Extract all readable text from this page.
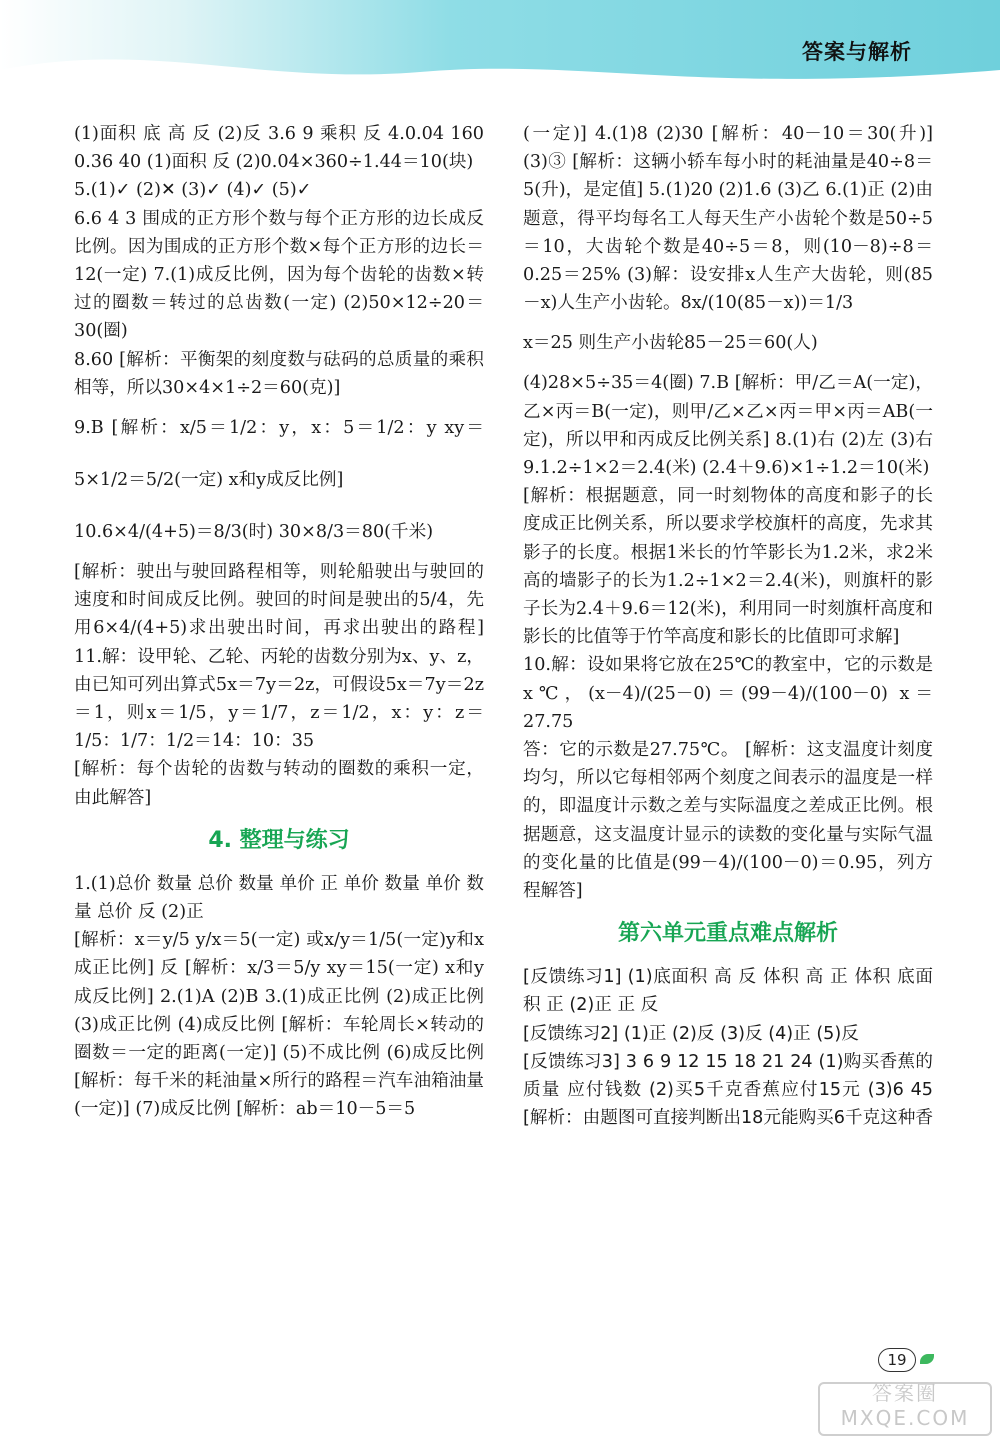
答案与解析

(1)面积 底 高 反 (2)反 3.6 9 乘积 反 4.0.04 160 0.36 40 (1)面积 反 (2)0.04×360÷1.44＝10(块)

5.(1)✓ (2)✕ (3)✓ (4)✓ (5)✓

6.6 4 3 围成的正方形个数与每个正方形的边长成反比例。因为围成的正方形个数×每个正方形的边长＝12(一定) 7.(1)成反比例，因为每个齿轮的齿数×转过的圈数＝转过的总齿数(一定) (2)50×12÷20＝30(圈)

8.60 [解析：平衡架的刻度数与砝码的总质量的乘积相等，所以30×4×1÷2＝60(克)]

9.B [解析：x/5＝1/2：y，x：5＝1/2：y xy＝5×1/2＝5/2(一定) x和y成反比例]

10.6×4/(4+5)＝8/3(时) 30×8/3＝80(千米)

[解析：驶出与驶回路程相等，则轮船驶出与驶回的速度和时间成反比例。驶回的时间是驶出的5/4，先用6×4/(4+5)求出驶出时间，再求出驶出的路程] 11.解：设甲轮、乙轮、丙轮的齿数分别为x、y、z，由已知可列出算式5x＝7y＝2z，可假设5x＝7y＝2z＝1，则x＝1/5，y＝1/7，z＝1/2，x：y：z＝1/5：1/7：1/2＝14：10：35

[解析：每个齿轮的齿数与转动的圈数的乘积一定，由此解答]

4. 整理与练习

1.(1)总价 数量 总价 数量 单价 正 单价 数量 单价 数量 总价 反 (2)正

[解析：x＝y/5 y/x＝5(一定) 或x/y＝1/5(一定)y和x成正比例] 反 [解析：x/3＝5/y xy＝15(一定) x和y成反比例] 2.(1)A (2)B 3.(1)成正比例 (2)成正比例 (3)成正比例 (4)成反比例 [解析：车轮周长×转动的圈数＝一定的距离(一定)] (5)不成比例 (6)成反比例 [解析：每千米的耗油量×所行的路程＝汽车油箱油量(一定)] (7)成反比例 [解析：ab＝10－5＝5

(一定)] 4.(1)8 (2)30 [解析：40－10＝30(升)] (3)③ [解析：这辆小轿车每小时的耗油量是40÷8＝5(升)，是定值] 5.(1)20 (2)1.6 (3)乙 6.(1)正 (2)由题意，得平均每名工人每天生产小齿轮个数是50÷5＝10，大齿轮个数是40÷5＝8，则(10－8)÷8＝0.25＝25% (3)解：设安排x人生产大齿轮，则(85－x)人生产小齿轮。8x/(10(85－x))＝1/3

x＝25 则生产小齿轮85－25＝60(人)

(4)28×5÷35＝4(圈) 7.B [解析：甲/乙＝A(一定)，乙×丙＝B(一定)，则甲/乙×乙×丙＝甲×丙＝AB(一定)，所以甲和丙成反比例关系] 8.(1)右 (2)左 (3)右 9.1.2÷1×2＝2.4(米) (2.4＋9.6)×1÷1.2＝10(米)

[解析：根据题意，同一时刻物体的高度和影子的长度成正比例关系，所以要求学校旗杆的高度，先求其影子的长度。根据1米长的竹竿影长为1.2米，求2米高的墙影子的长为1.2÷1×2＝2.4(米)，则旗杆的影子长为2.4＋9.6＝12(米)，利用同一时刻旗杆高度和影长的比值等于竹竿高度和影长的比值即可求解]

10.解：设如果将它放在25℃的教室中，它的示数是x℃，(x－4)/(25－0)＝(99－4)/(100－0) x＝27.75

答：它的示数是27.75℃。 [解析：这支温度计刻度均匀，所以它每相邻两个刻度之间表示的温度是一样的，即温度计示数之差与实际温度之差成正比例。根据题意，这支温度计显示的读数的变化量与实际气温的变化量的比值是(99－4)/(100－0)＝0.95，列方程解答]

第六单元重点难点解析

[反馈练习1] (1)底面积 高 反 体积 高 正 体积 底面积 正 (2)正 正 反

[反馈练习2] (1)正 (2)反 (3)反 (4)正 (5)反

[反馈练习3] 3 6 9 12 15 18 21 24 (1)购买香蕉的质量 应付钱数 (2)买5千克香蕉应付15元 (3)6 45 [解析：由题图可直接判断出18元能购买6千克这种香

19
答案圈 MXQE.COM
